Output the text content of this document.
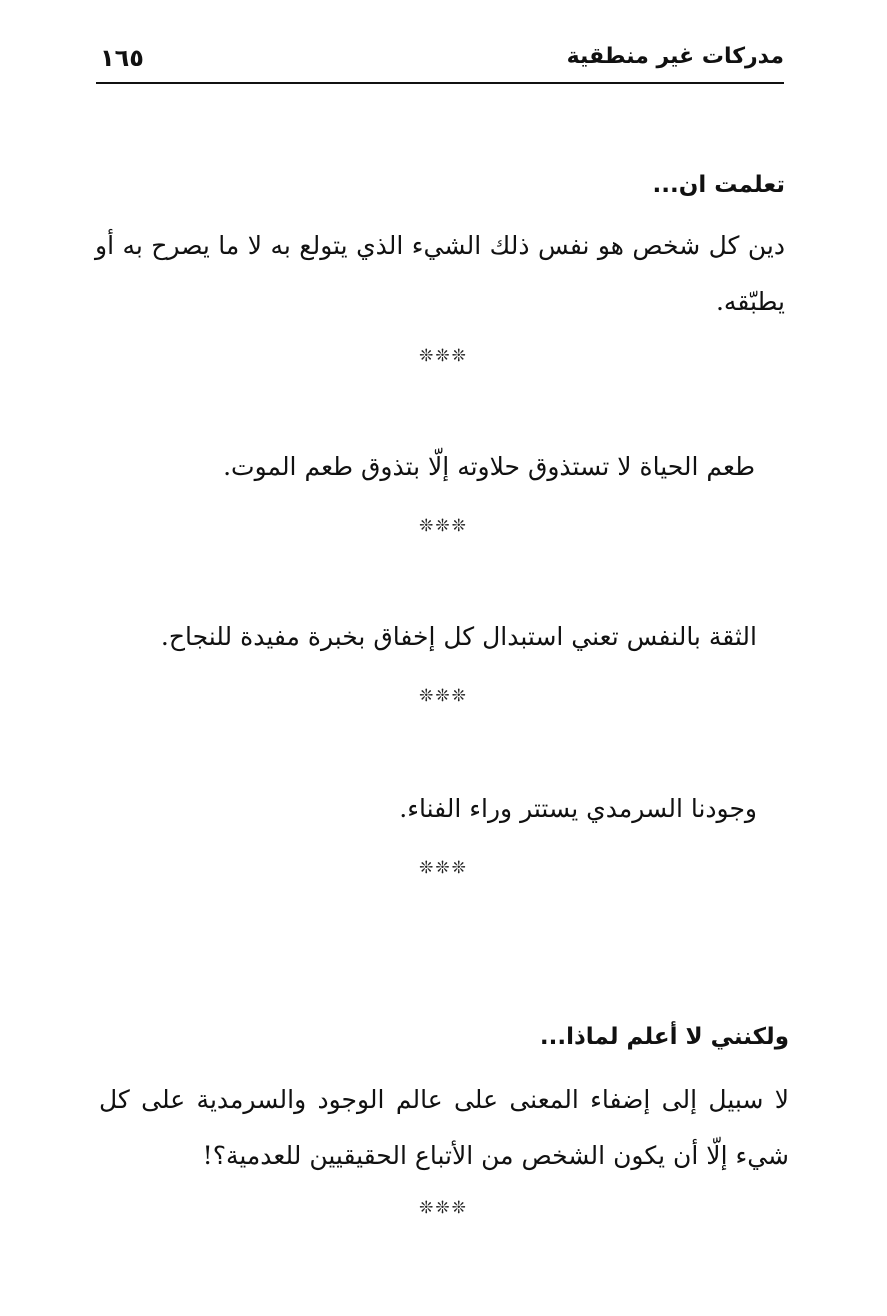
١٦٥	مدركات غير منطقية
تعلمت ان...
دين كل شخص هو نفس ذلك الشيء الذي يتولع به لا ما يصرح به أو يطبّقه.
❊❊❊
طعم الحياة لا تستذوق حلاوته إلّا بتذوق طعم الموت.
❊❊❊
الثقة بالنفس تعني استبدال كل إخفاق بخبرة مفيدة للنجاح.
❊❊❊
وجودنا السرمدي يستتر وراء الفناء.
❊❊❊
ولكنني لا أعلم لماذا...
لا سبيل إلى إضفاء المعنى على عالم الوجود والسرمدية على كل شيء إلّا أن يكون الشخص من الأتباع الحقيقيين للعدمية؟!
❊❊❊
